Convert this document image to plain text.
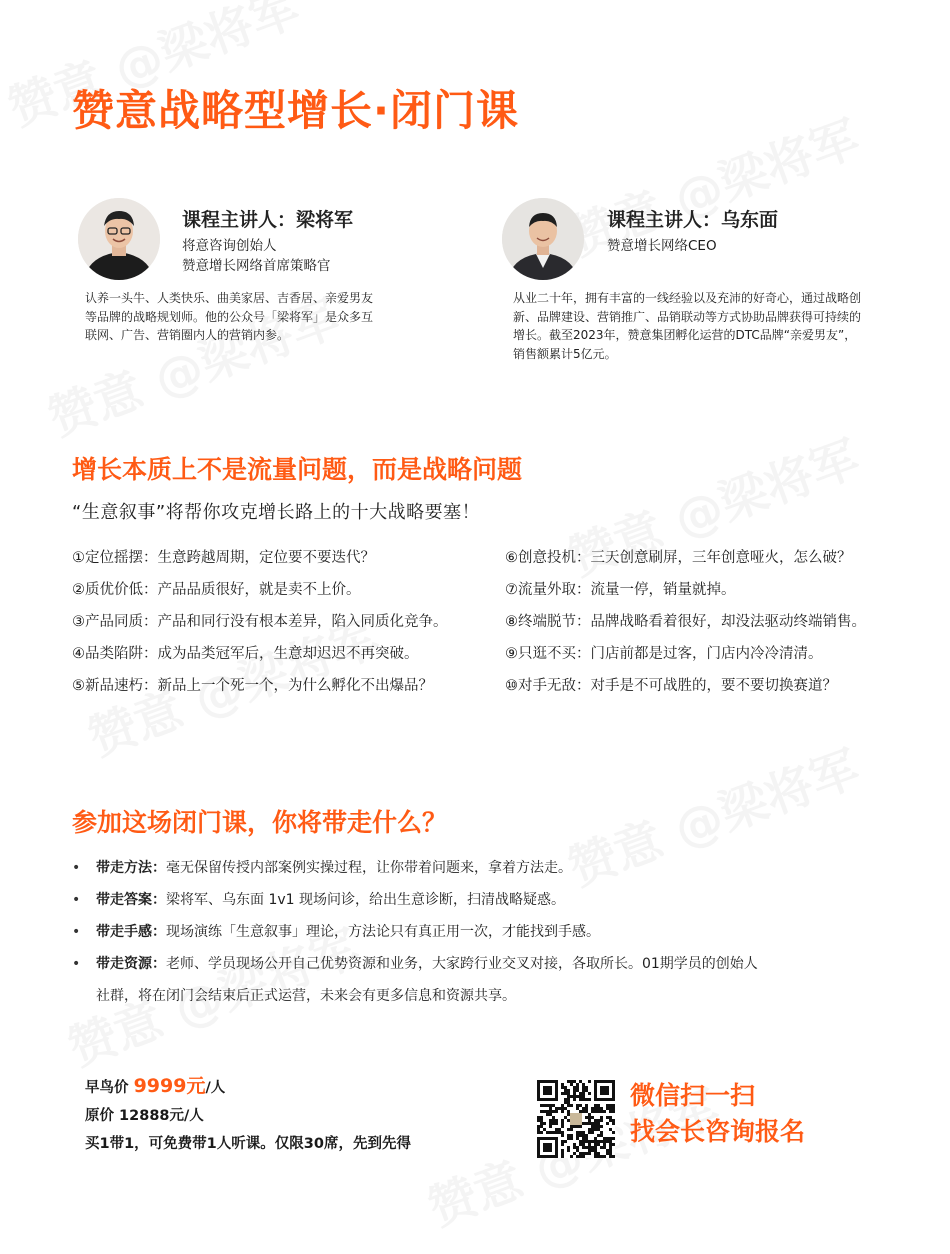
赞意战略型增长·闭门课
课程主讲人：梁将军
将意咨询创始人
赞意增长网络首席策略官
认养一头牛、人类快乐、曲美家居、吉香居、亲爱男友等品牌的战略规划师。他的公众号「梁将军」是众多互联网、广告、营销圈内人的营销内参。
课程主讲人：乌东面
赞意增长网络CEO
从业二十年，拥有丰富的一线经验以及充沛的好奇心，通过战略创新、品牌建设、营销推广、品销联动等方式协助品牌获得可持续的增长。截至2023年，赞意集团孵化运营的DTC品牌“亲爱男友”，销售额累计5亿元。
增长本质上不是流量问题，而是战略问题
“生意叙事”将帮你攻克增长路上的十大战略要塞！
①定位摇摆：生意跨越周期，定位要不要迭代？
②质优价低：产品品质很好，就是卖不上价。
③产品同质：产品和同行没有根本差异，陷入同质化竞争。
④品类陷阱：成为品类冠军后，生意却迟迟不再突破。
⑤新品速朽：新品上一个死一个，为什么孵化不出爆品？
⑥创意投机：三天创意刷屏，三年创意哑火，怎么破？
⑦流量外取：流量一停，销量就掉。
⑧终端脱节：品牌战略看着很好，却没法驱动终端销售。
⑨只逛不买：门店前都是过客，门店内冷冷清清。
⑩对手无敌：对手是不可战胜的，要不要切换赛道？
参加这场闭门课，你将带走什么？
• 带走方法：毫无保留传授内部案例实操过程，让你带着问题来，拿着方法走。
• 带走答案：梁将军、乌东面 1v1 现场问诊，给出生意诊断，扫清战略疑惑。
• 带走手感：现场演练「生意叙事」理论，方法论只有真正用一次，才能找到手感。
• 带走资源：老师、学员现场公开自己优势资源和业务，大家跨行业交叉对接，各取所长。01期学员的创始人
社群，将在闭门会结束后正式运营，未来会有更多信息和资源共享。
早鸟价 9999元/人
原价 12888元/人
买1带1，可免费带1人听课。仅限30席，先到先得
微信扫一扫
找会长咨询报名
